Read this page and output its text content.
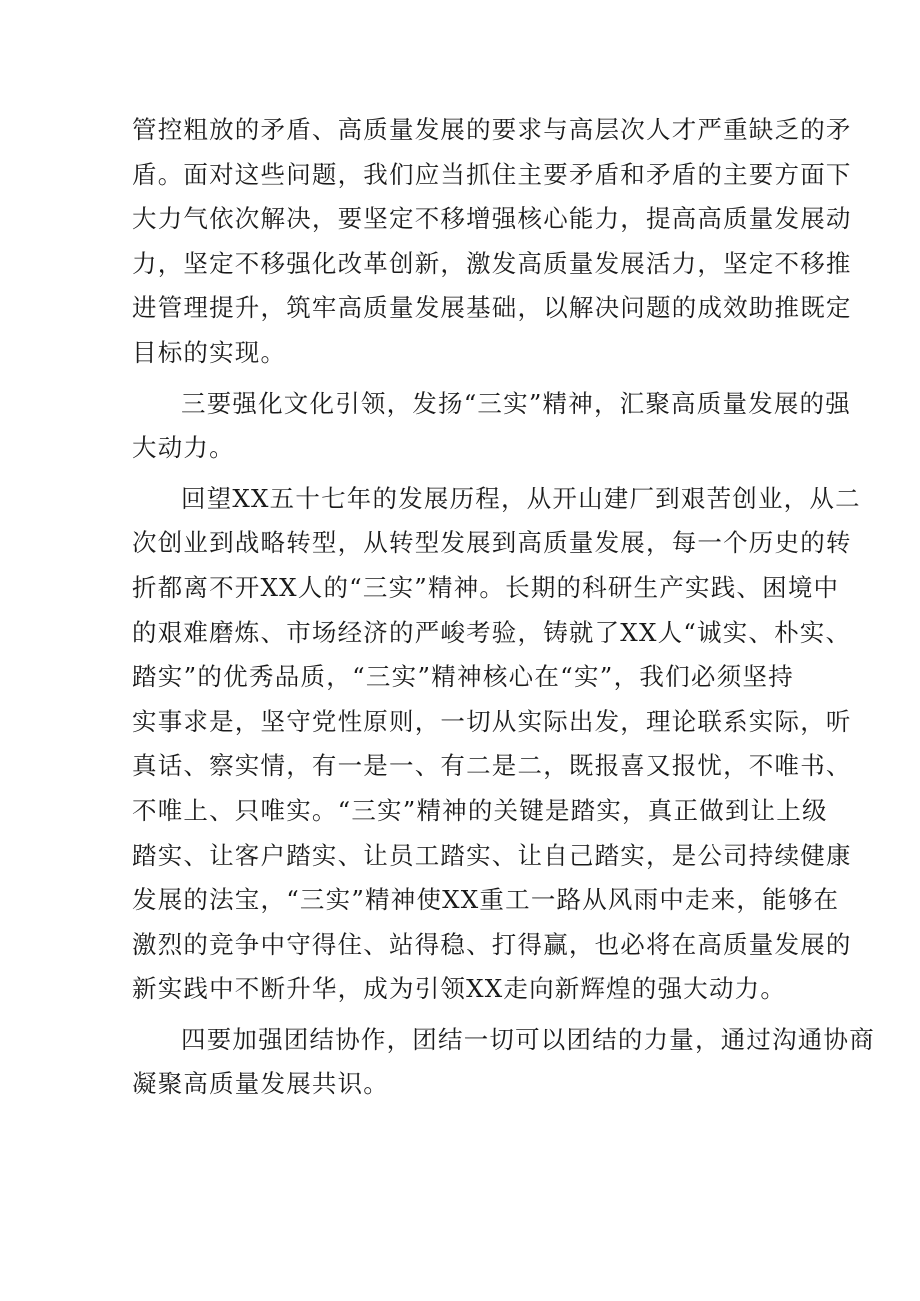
管控粗放的矛盾、高质量发展的要求与高层次人才严重缺乏的矛
盾。面对这些问题，我们应当抓住主要矛盾和矛盾的主要方面下
大力气依次解决，要坚定不移增强核心能力，提高高质量发展动
力，坚定不移强化改革创新，激发高质量发展活力，坚定不移推
进管理提升，筑牢高质量发展基础，以解决问题的成效助推既定
目标的实现。
三要强化文化引领，发扬“三实”精神，汇聚高质量发展的强
大动力。
回望XX五十七年的发展历程，从开山建厂到艰苦创业，从二
次创业到战略转型，从转型发展到高质量发展，每一个历史的转
折都离不开XX人的“三实”精神。长期的科研生产实践、困境中
的艰难磨炼、市场经济的严峻考验，铸就了XX人“诚实、朴实、
踏实”的优秀品质，“三实”精神核心在“实”，我们必须坚持
实事求是，坚守党性原则，一切从实际出发，理论联系实际，听
真话、察实情，有一是一、有二是二，既报喜又报忧，不唯书、
不唯上、只唯实。“三实”精神的关键是踏实，真正做到让上级
踏实、让客户踏实、让员工踏实、让自己踏实，是公司持续健康
发展的法宝，“三实”精神使XX重工一路从风雨中走来，能够在
激烈的竞争中守得住、站得稳、打得赢，也必将在高质量发展的
新实践中不断升华，成为引领XX走向新辉煌的强大动力。
四要加强团结协作，团结一切可以团结的力量，通过沟通协商
凝聚高质量发展共识。
